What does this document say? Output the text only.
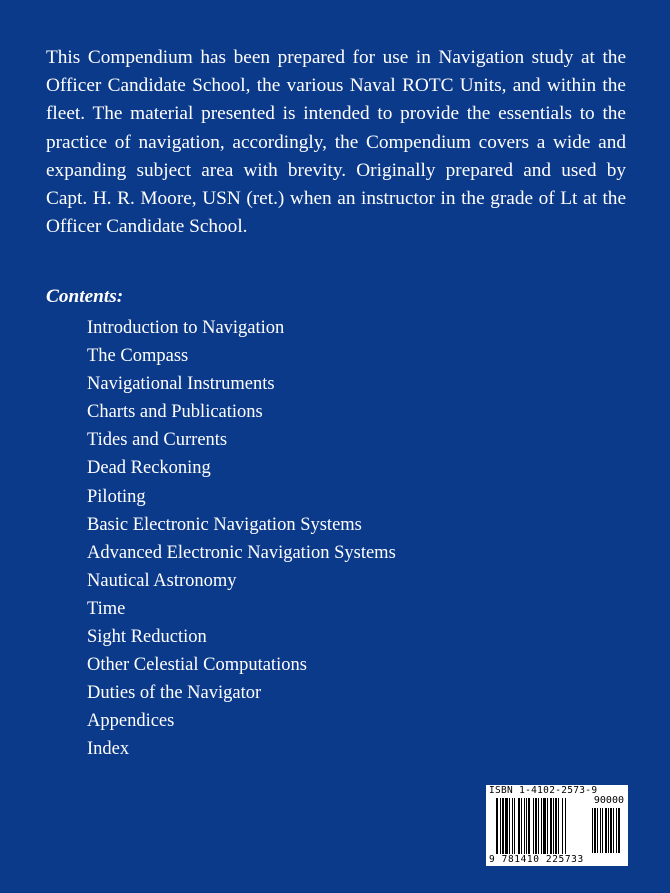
This Compendium has been prepared for use in Navigation study at the
Officer Candidate School, the various Naval ROTC Units, and within the
fleet. The material presented is intended to provide the essentials to the
practice of navigation, accordingly, the Compendium covers a wide and
expanding subject area with brevity. Originally prepared and used by
Capt. H. R. Moore, USN (ret.) when an instructor in the grade of Lt at the
Officer Candidate School.
Contents:
Introduction to Navigation
The Compass
Navigational Instruments
Charts and Publications
Tides and Currents
Dead Reckoning
Piloting
Basic Electronic Navigation Systems
Advanced Electronic Navigation Systems
Nautical Astronomy
Time
Sight Reduction
Other Celestial Computations
Duties of the Navigator
Appendices
Index
ISBN 1-4102-2573-9
90000
9 781410 225733
